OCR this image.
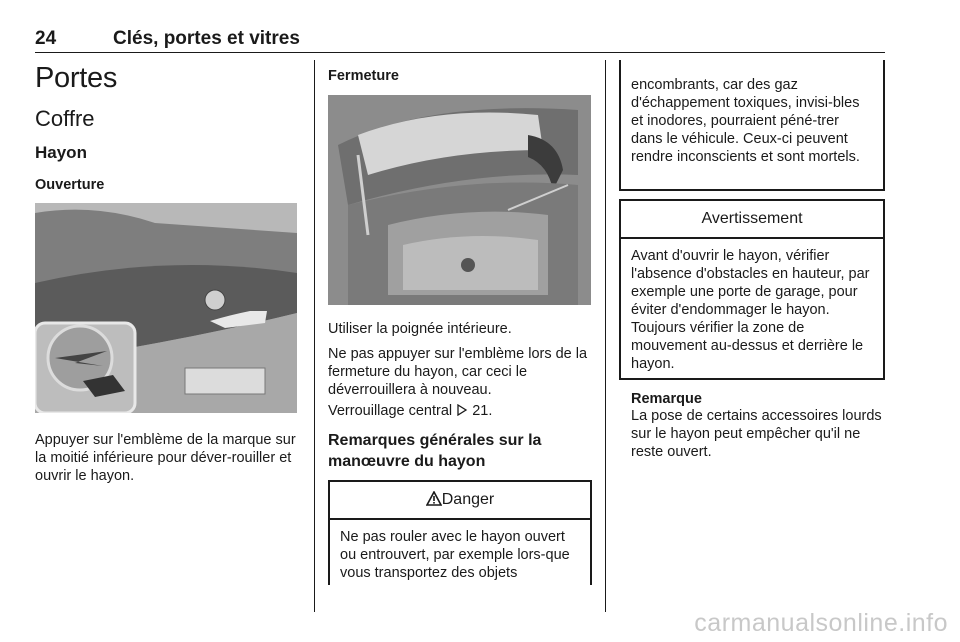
24	Clés, portes et vitres
Portes
Coffre
Hayon
Ouverture
Appuyer sur l'emblème de la marque sur la moitié inférieure pour déver-rouiller et ouvrir le hayon.
Fermeture
Utiliser la poignée intérieure.
Ne pas appuyer sur l'emblème lors de la fermeture du hayon, car ceci le déverrouillera à nouveau.
Verrouillage central 21.
Remarques générales sur la manœuvre du hayon
Danger
Ne pas rouler avec le hayon ouvert ou entrouvert, par exemple lors-que vous transportez des objets
encombrants, car des gaz d'échappement toxiques, invisi-bles et inodores, pourraient péné-trer dans le véhicule. Ceux-ci peuvent rendre inconscients et sont mortels.
Avertissement
Avant d'ouvrir le hayon, vérifier l'absence d'obstacles en hauteur, par exemple une porte de garage, pour éviter d'endommager le hayon. Toujours vérifier la zone de mouvement au-dessus et derrière le hayon.
Remarque
La pose de certains accessoires lourds sur le hayon peut empêcher qu'il ne reste ouvert.
carmanualsonline.info
